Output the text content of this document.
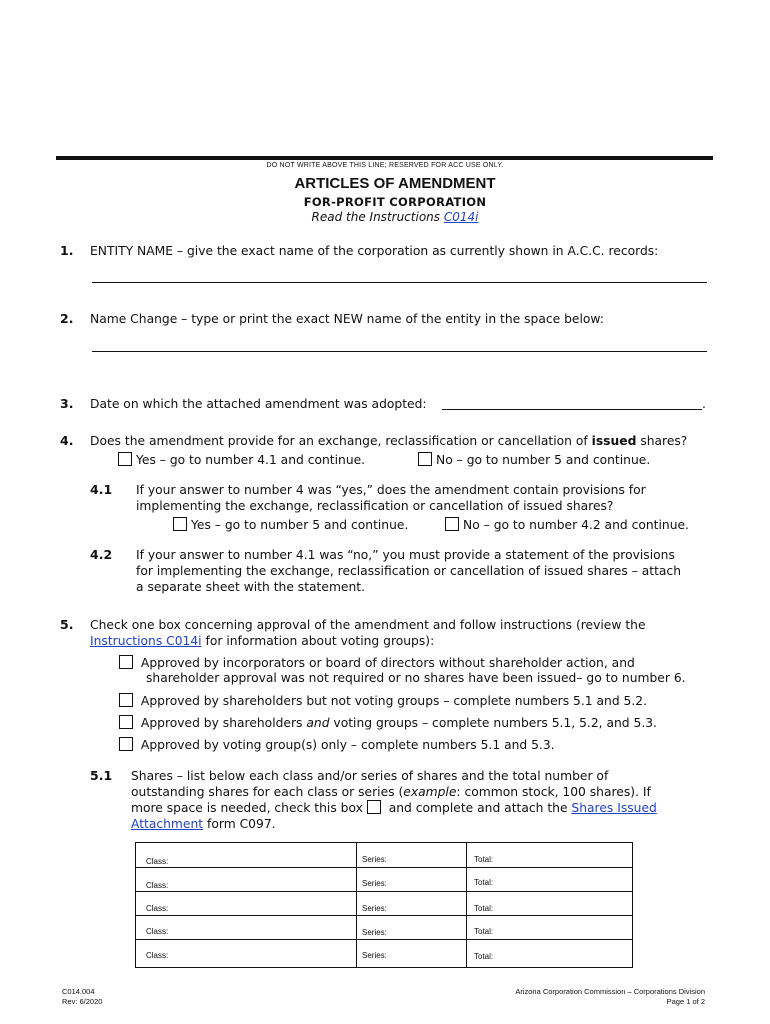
DO NOT WRITE ABOVE THIS LINE; RESERVED FOR ACC USE ONLY.
ARTICLES OF AMENDMENT
FOR-PROFIT CORPORATION
Read the Instructions C014i
1. ENTITY NAME – give the exact name of the corporation as currently shown in A.C.C. records:
2. Name Change – type or print the exact NEW name of the entity in the space below:
3. Date on which the attached amendment was adopted:	.
4. Does the amendment provide for an exchange, reclassification or cancellation of issued shares?
Yes – go to number 4.1 and continue.	No – go to number 5 and continue.
4.1 If your answer to number 4 was “yes,” does the amendment contain provisions for
implementing the exchange, reclassification or cancellation of issued shares?
Yes – go to number 5 and continue.	No – go to number 4.2 and continue.
4.2 If your answer to number 4.1 was “no,” you must provide a statement of the provisions
for implementing the exchange, reclassification or cancellation of issued shares – attach
a separate sheet with the statement.
5. Check one box concerning approval of the amendment and follow instructions (review the
Instructions C014i for information about voting groups):
Approved by incorporators or board of directors without shareholder action, and
shareholder approval was not required or no shares have been issued– go to number 6.
Approved by shareholders but not voting groups – complete numbers 5.1 and 5.2.
Approved by shareholders and voting groups – complete numbers 5.1, 5.2, and 5.3.
Approved by voting group(s) only – complete numbers 5.1 and 5.3.
5.1 Shares – list below each class and/or series of shares and the total number of
outstanding shares for each class or series (example: common stock, 100 shares). If
more space is needed, check this box  and complete and attach the Shares Issued
Attachment form C097.
Class:	Series:	Total:
Class:	Series:	Total:
Class:	Series:	Total:
Class:	Series:	Total:
Class:	Series:	Total:
C014.004
Rev: 6/2020
Arizona Corporation Commission – Corporations Division
Page 1 of 2
